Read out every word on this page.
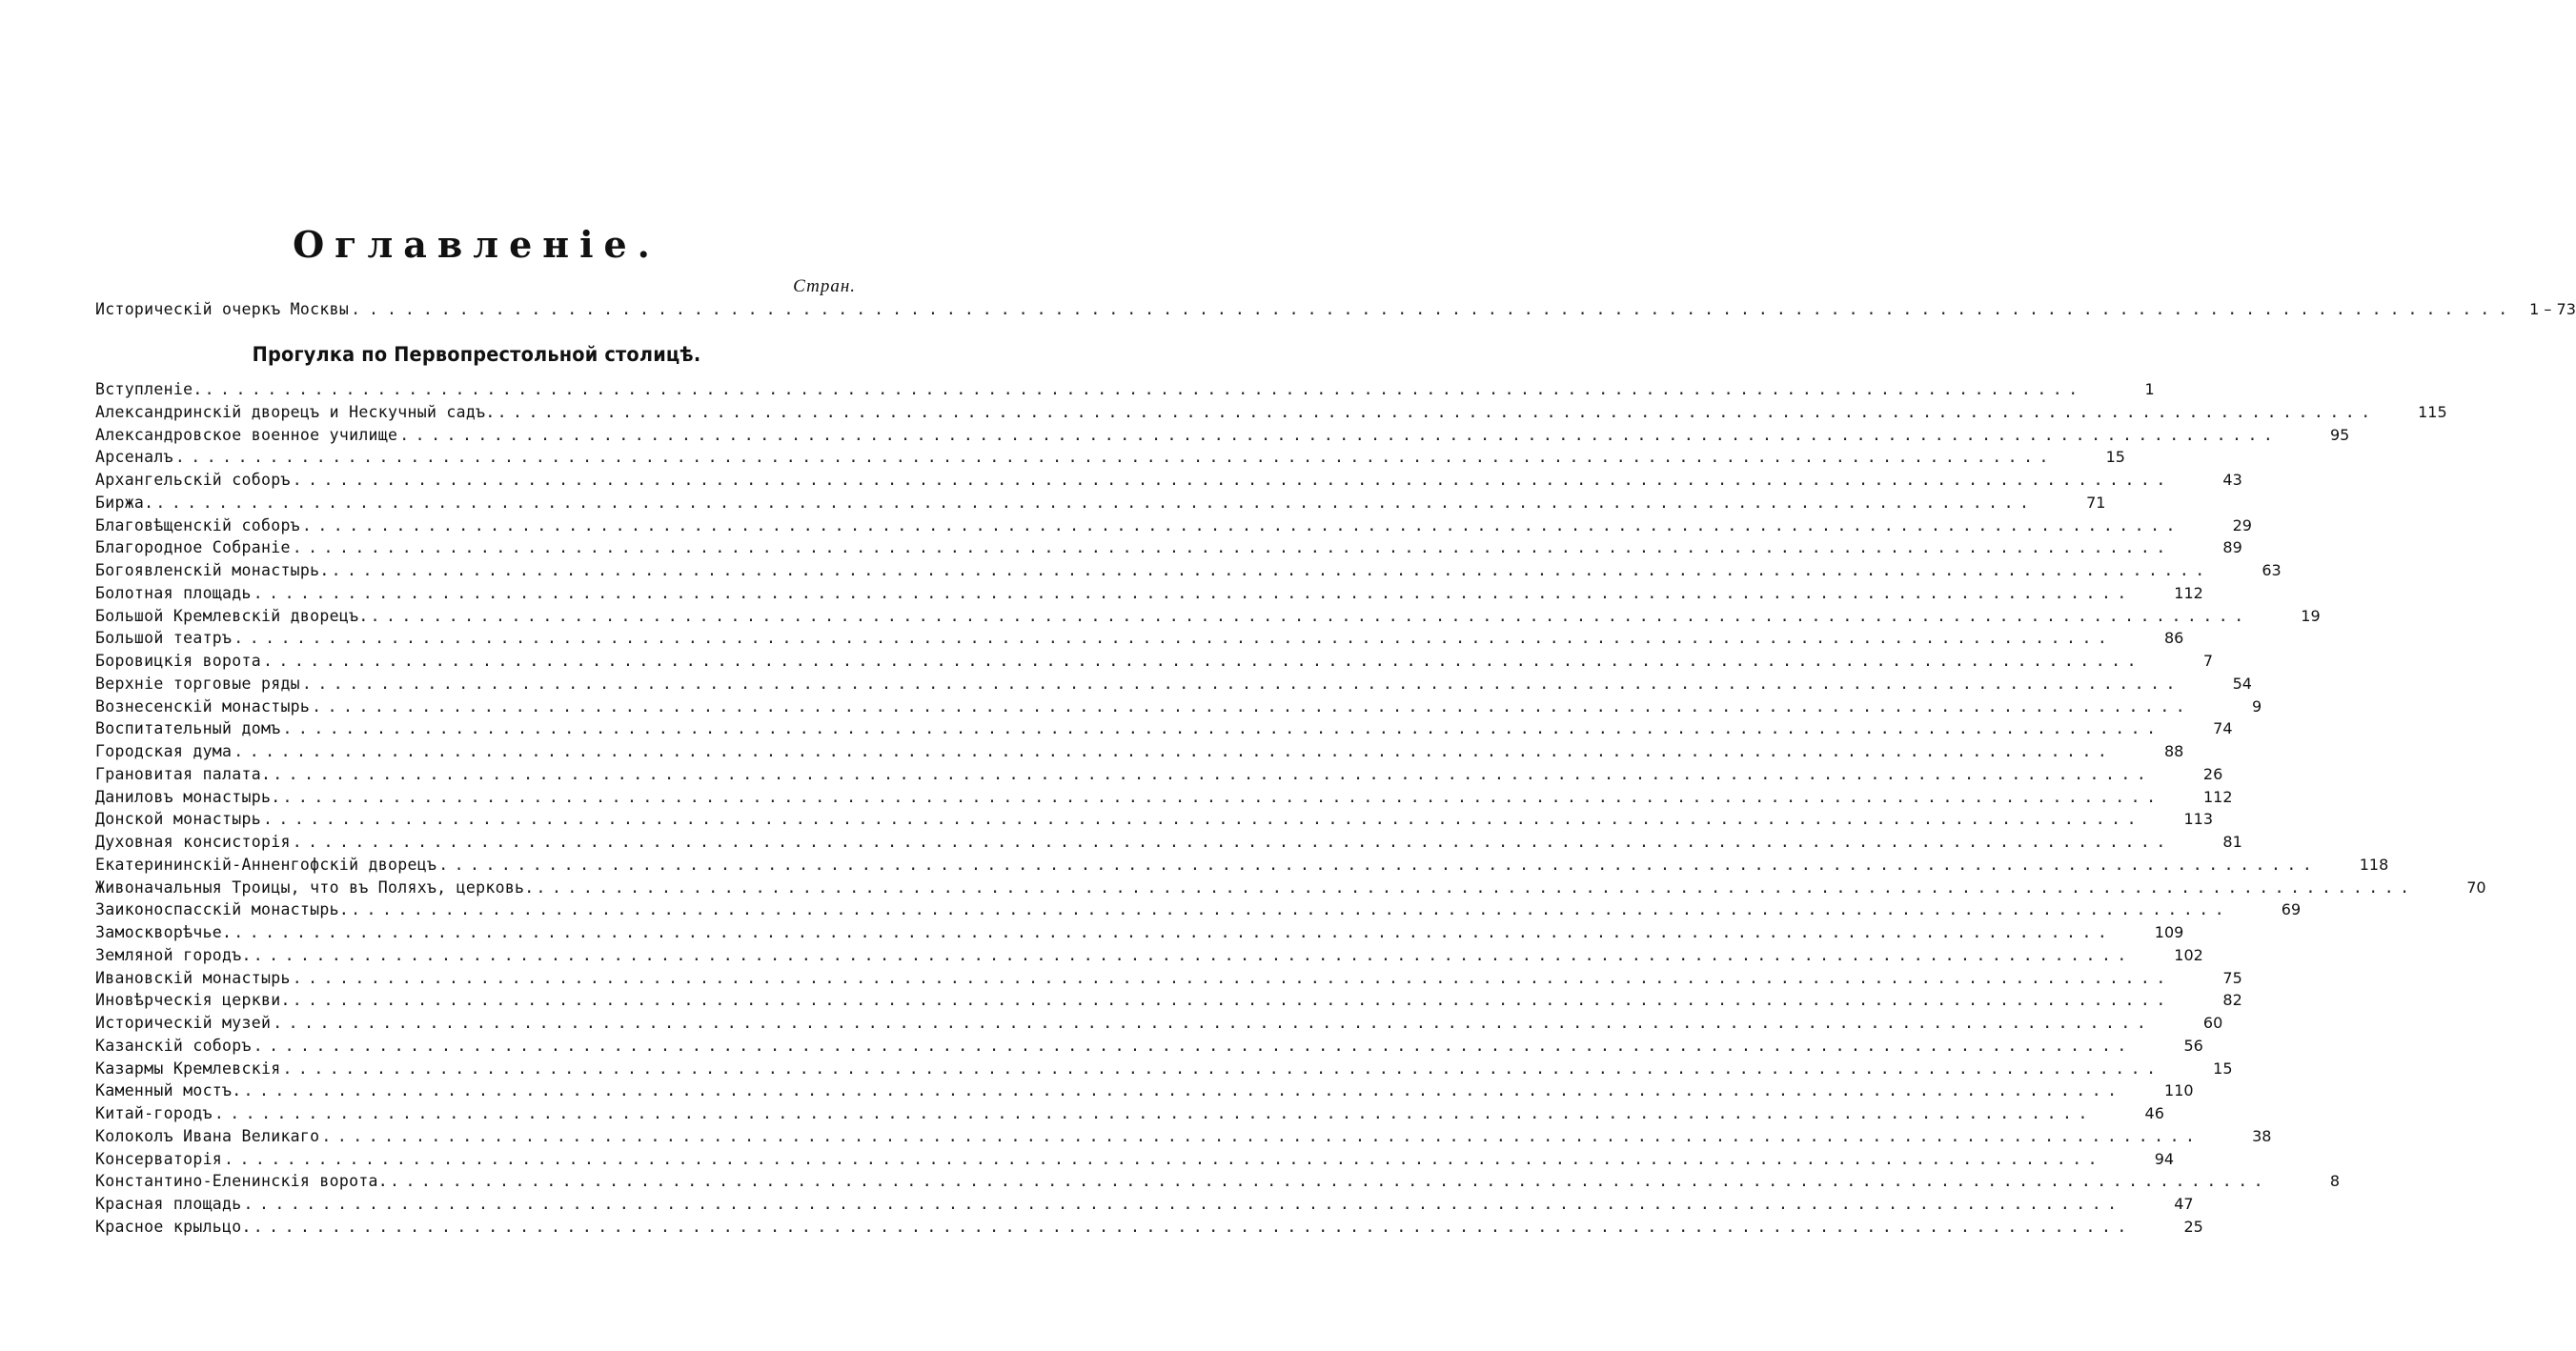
Оглавленіе.
Стран.
Историческій очеркъ Москвы ........................................................................................................................ 1 – 73
Прогулка по Первопрестольной столицѣ.
Вступленіе. ........................................................................................................................	1
Александринскій дворецъ и Нескучный садъ. ........................................................................................................................	115
Александровское военное училище ........................................................................................................................	95
Арсеналъ ........................................................................................................................	15
Архангельскій соборъ ........................................................................................................................	43
Биржа. ........................................................................................................................	71
Благовѣщенскій соборъ ........................................................................................................................	29
Благородное Собраніе ........................................................................................................................	89
Богоявленскій монастырь. ........................................................................................................................	63
Болотная площадь ........................................................................................................................	112
Большой Кремлевскій дворецъ. ........................................................................................................................	19
Большой театръ ........................................................................................................................	86
Боровицкія ворота ........................................................................................................................	7
Верхніе торговые ряды ........................................................................................................................	54
Вознесенскій монастырь ........................................................................................................................	9
Воспитательный домъ ........................................................................................................................	74
Городская дума ........................................................................................................................	88
Грановитая палата. ........................................................................................................................	26
Даниловъ монастырь. ........................................................................................................................	112
Донской монастырь ........................................................................................................................	113
Духовная консисторія ........................................................................................................................	81
Екатерининскій-Анненгофскій дворецъ ........................................................................................................................	118
Живоначальныя Троицы, что въ Поляхъ, церковь. ........................................................................................................................	70
Заиконоспасскій монастырь. ........................................................................................................................	69
Замоскворѣчье. ........................................................................................................................	109
Земляной городъ. ........................................................................................................................	102
Ивановскій монастырь ........................................................................................................................	75
Иновѣрческія церкви. ........................................................................................................................	82
Историческій музей ........................................................................................................................	60
Казанскій соборъ ........................................................................................................................	56
Казармы Кремлевскія ........................................................................................................................	15
Каменный мостъ. ........................................................................................................................	110
Китай-городъ ........................................................................................................................	46
Колоколъ Ивана Великаго ........................................................................................................................	38
Консерваторія ........................................................................................................................	94
Константино-Еленинскія ворота. ........................................................................................................................	8
Красная площадь ........................................................................................................................	47
Красное крыльцо. ........................................................................................................................	25
